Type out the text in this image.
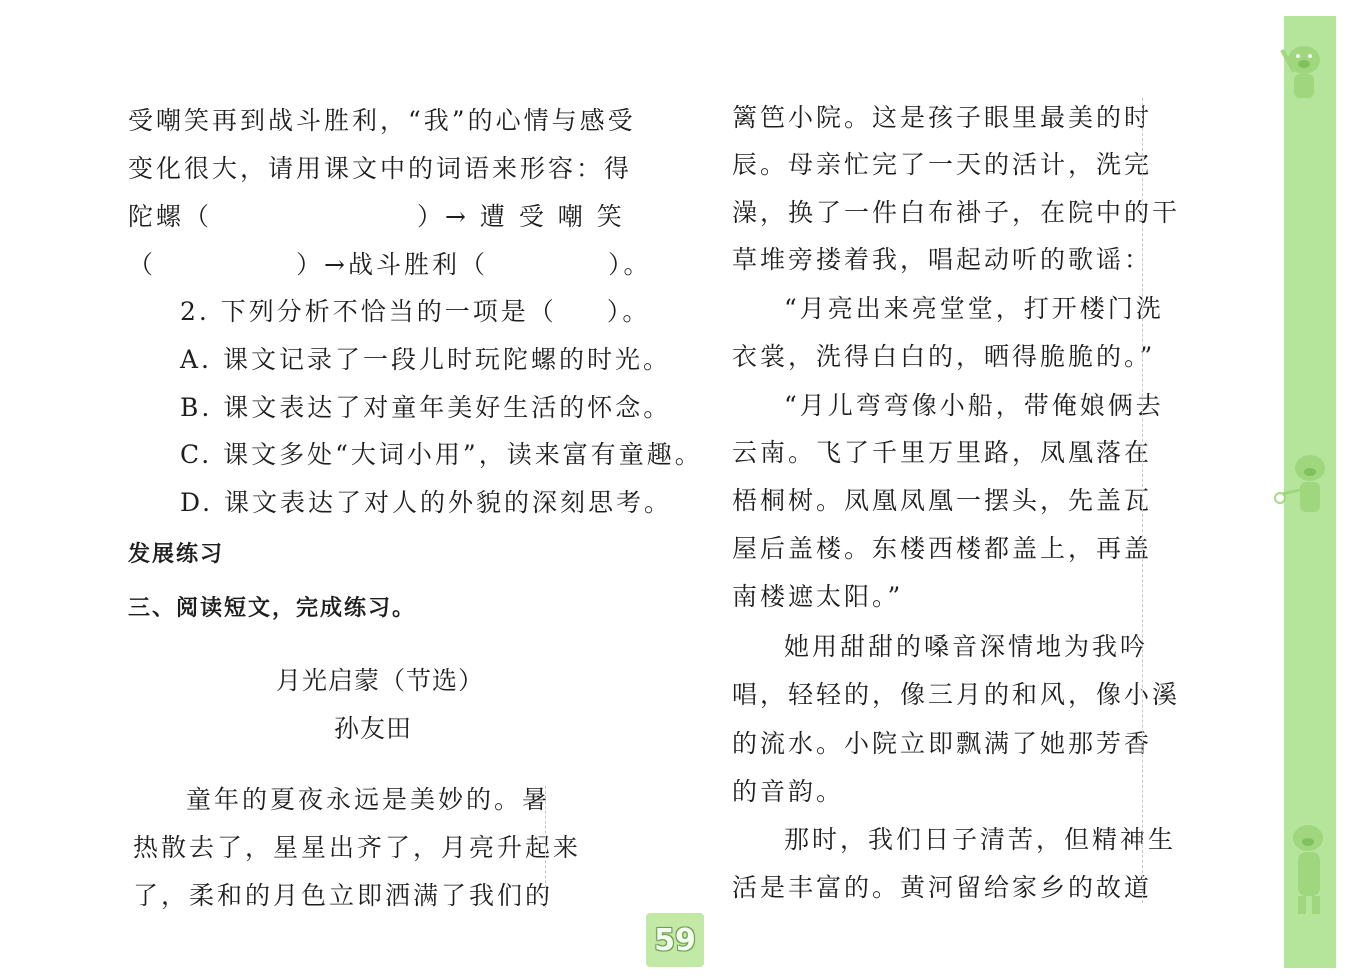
受嘲笑再到战斗胜利，“我”的心情与感受
变化很大，请用课文中的词语来形容：得
陀螺（	）→ 遭 受 嘲 笑
（	）→战斗胜利（	）。
2. 下列分析不恰当的一项是（ ）。
A. 课文记录了一段儿时玩陀螺的时光。
B. 课文表达了对童年美好生活的怀念。
C. 课文多处“大词小用”，读来富有童趣。
D. 课文表达了对人的外貌的深刻思考。
发展练习
三、阅读短文，完成练习。
月光启蒙（节选）
孙友田
童年的夏夜永远是美妙的。暑
热散去了，星星出齐了，月亮升起来
了，柔和的月色立即洒满了我们的
篱笆小院。这是孩子眼里最美的时
辰。母亲忙完了一天的活计，洗完
澡，换了一件白布褂子，在院中的干
草堆旁搂着我，唱起动听的歌谣：
“月亮出来亮堂堂，打开楼门洗
衣裳，洗得白白的，晒得脆脆的。”
“月儿弯弯像小船，带俺娘俩去
云南。飞了千里万里路，凤凰落在
梧桐树。凤凰凤凰一摆头，先盖瓦
屋后盖楼。东楼西楼都盖上，再盖
南楼遮太阳。”
她用甜甜的嗓音深情地为我吟
唱，轻轻的，像三月的和风，像小溪
的流水。小院立即飘满了她那芳香
的音韵。
那时，我们日子清苦，但精神生
活是丰富的。黄河留给家乡的故道
59
